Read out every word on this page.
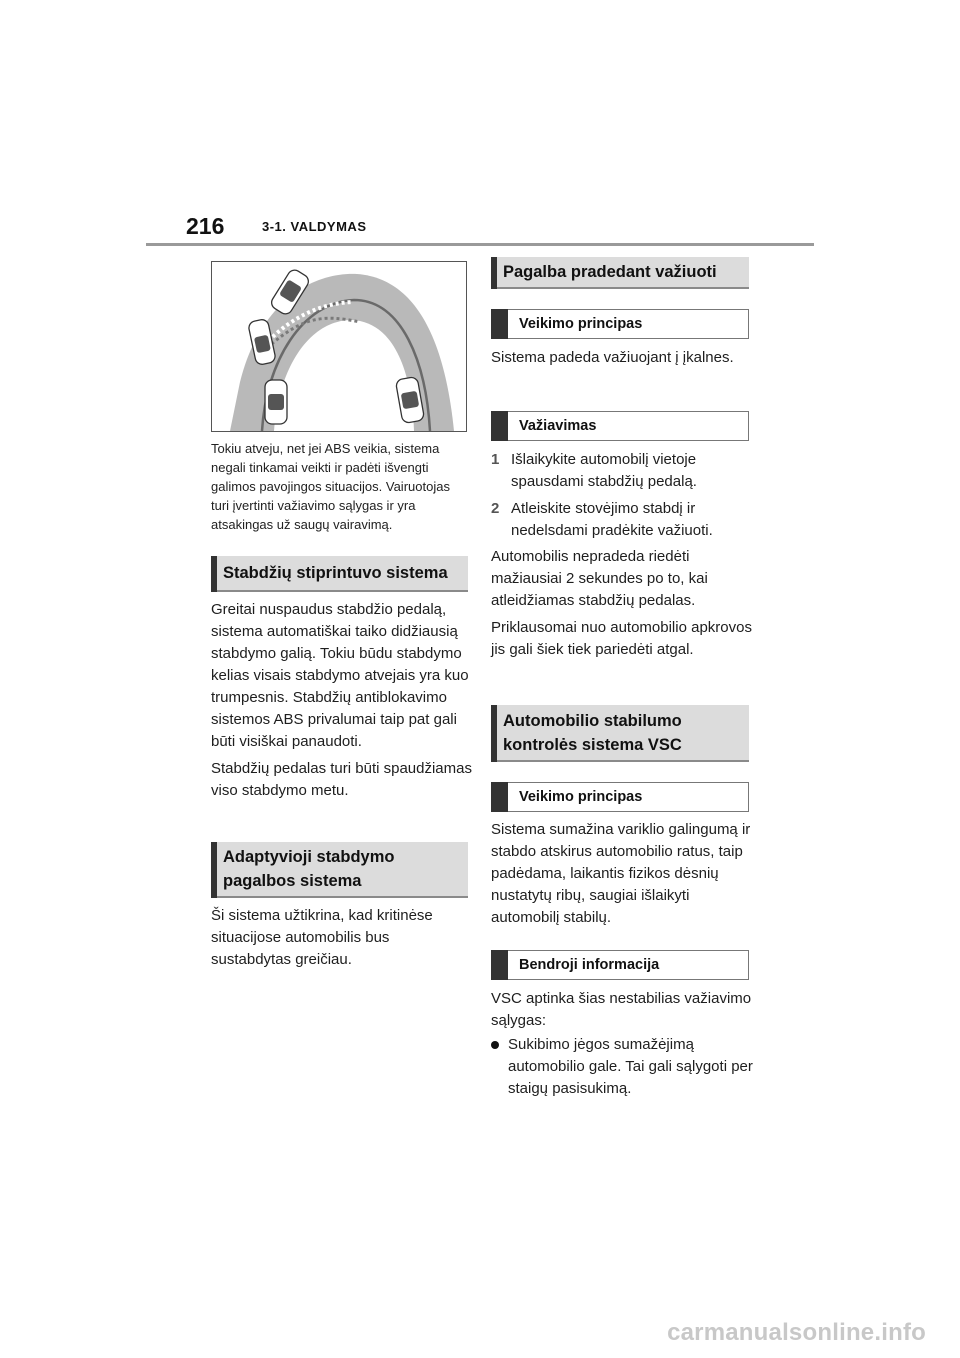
216	3-1. VALDYMAS

Tokiu atveju, net jei ABS veikia, sistema negali tinkamai veikti ir padėti išvengti galimos pavojingos situacijos. Vairuotojas turi įvertinti važiavimo sąlygas ir yra atsakingas už saugų vairavimą.

Stabdžių stiprintuvo sistema

Greitai nuspaudus stabdžio pedalą, sistema automatiškai taiko didžiausią stabdymo galią. Tokiu būdu stabdymo kelias visais stabdymo atvejais yra kuo trumpesnis. Stabdžių antiblokavimo sistemos ABS privalumai taip pat gali būti visiškai panaudoti.

Stabdžių pedalas turi būti spaudžiamas viso stabdymo metu.

Adaptyvioji stabdymo pagalbos sistema

Ši sistema užtikrina, kad kritinėse situacijose automobilis bus sustabdytas greičiau.

Pagalba pradedant važiuoti
Veikimo principas

Sistema padeda važiuojant į įkalnes.

Važiavimas
1 Išlaikykite automobilį vietoje spausdami stabdžių pedalą.
2 Atleiskite stovėjimo stabdį ir nedelsdami pradėkite važiuoti.

Automobilis nepradeda riedėti mažiausiai 2 sekundes po to, kai atleidžiamas stabdžių pedalas.

Priklausomai nuo automobilio apkrovos jis gali šiek tiek pariedėti atgal.

Automobilio stabilumo kontrolės sistema VSC
Veikimo principas

Sistema sumažina variklio galingumą ir stabdo atskirus automobilio ratus, taip padėdama, laikantis fizikos dėsnių nustatytų ribų, saugiai išlaikyti automobilį stabilų.

Bendroji informacija

VSC aptinka šias nestabilias važiavimo sąlygas:

Sukibimo jėgos sumažėjimą automobilio gale. Tai gali sąlygoti per staigų pasisukimą.
carmanualsonline.info
